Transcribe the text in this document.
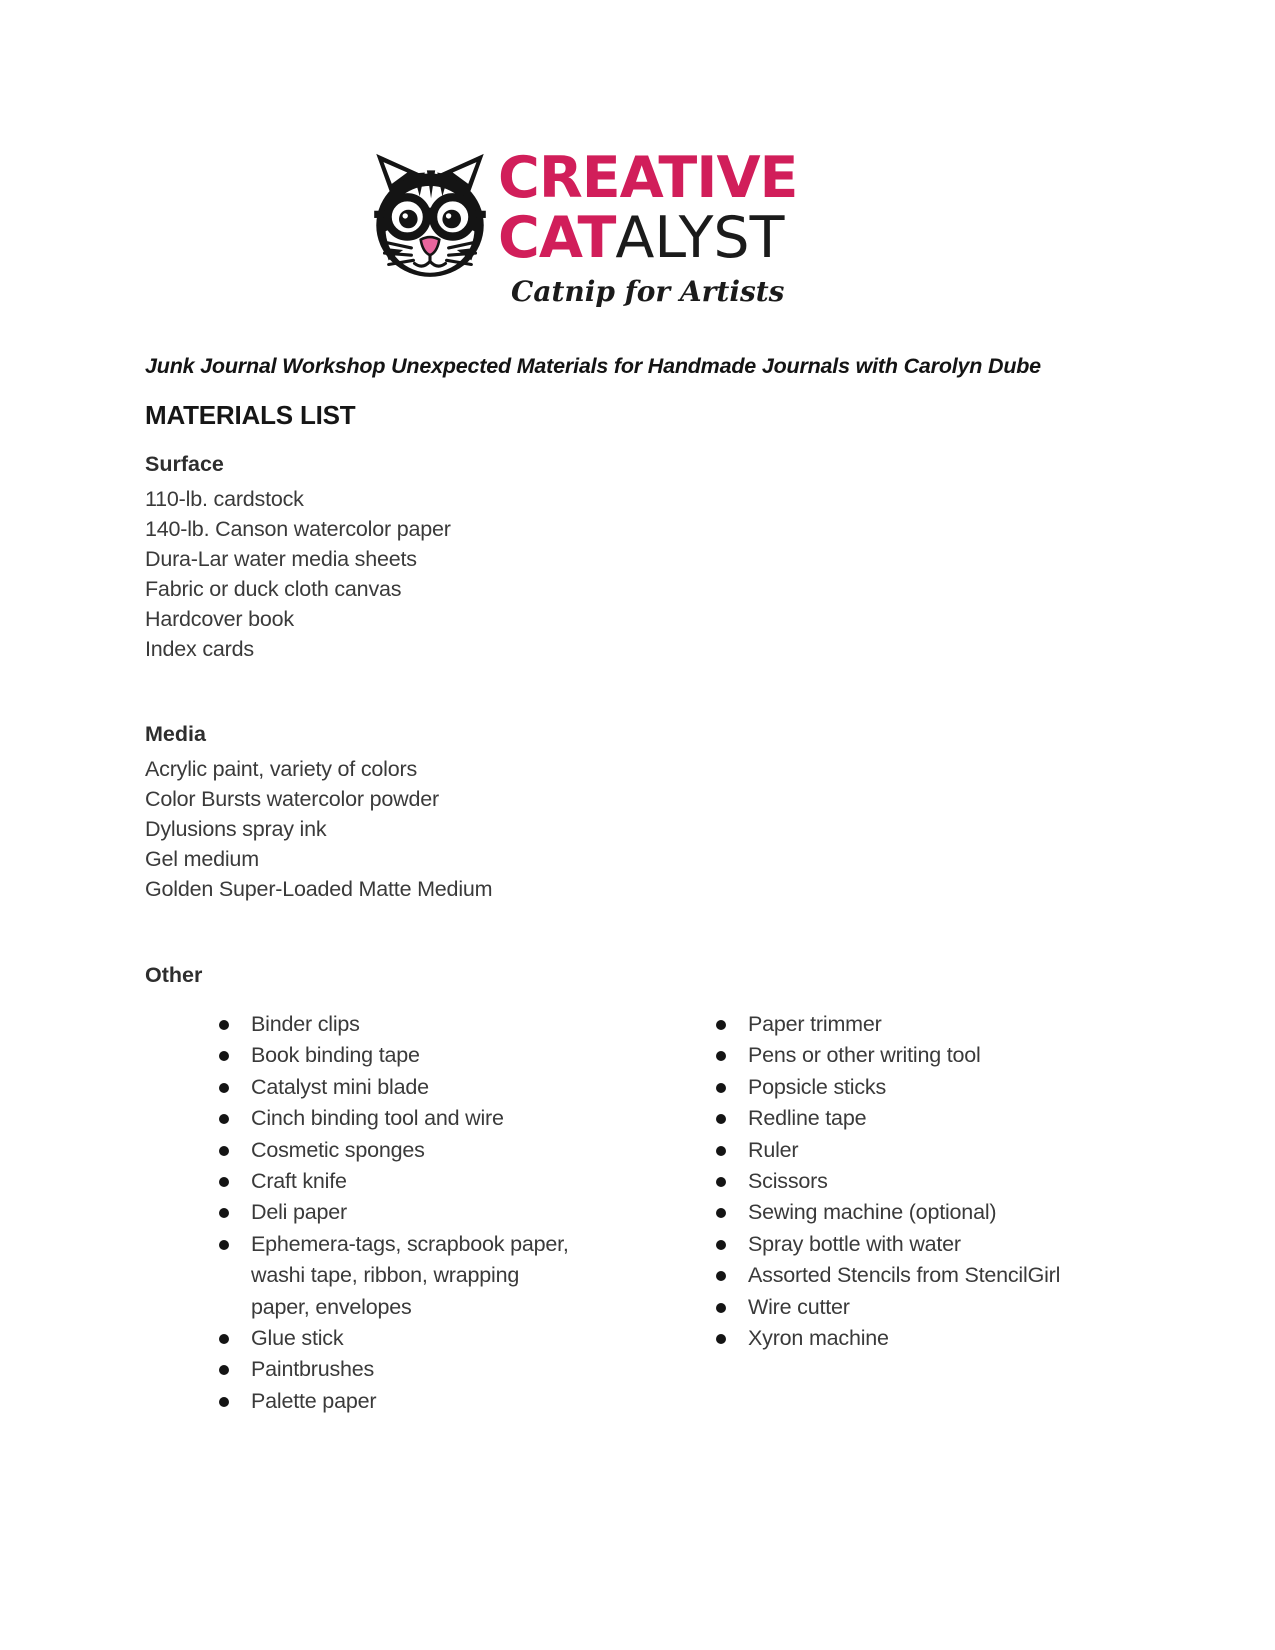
CREATIVE
CATALYST
Catnip for Artists
Junk Journal Workshop Unexpected Materials for Handmade Journals with Carolyn Dube
MATERIALS LIST
Surface
110-lb. cardstock
140-lb. Canson watercolor paper
Dura-Lar water media sheets
Fabric or duck cloth canvas
Hardcover book
Index cards
Media
Acrylic paint, variety of colors
Color Bursts watercolor powder
Dylusions spray ink
Gel medium
Golden Super-Loaded Matte Medium
Other
Binder clips
Book binding tape
Catalyst mini blade
Cinch binding tool and wire
Cosmetic sponges
Craft knife
Deli paper
Ephemera-tags, scrapbook paper, washi tape, ribbon, wrapping paper, envelopes
Glue stick
Paintbrushes
Palette paper
Paper trimmer
Pens or other writing tool
Popsicle sticks
Redline tape
Ruler
Scissors
Sewing machine (optional)
Spray bottle with water
Assorted Stencils from StencilGirl
Wire cutter
Xyron machine
